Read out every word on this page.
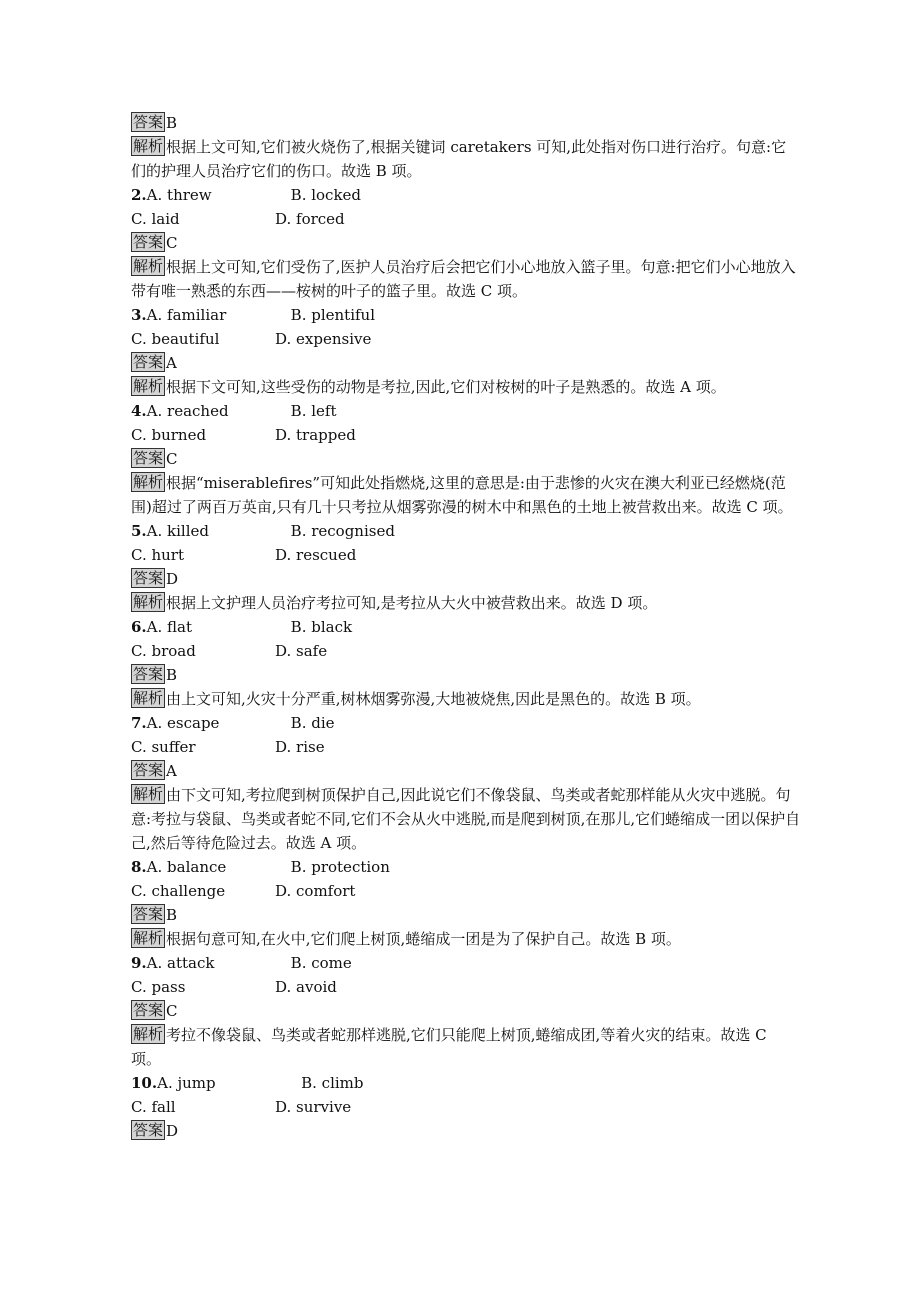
答案 B
解析 根据上文可知,它们被火烧伤了,根据关键词 caretakers 可知,此处指对伤口进行治疗。句意:它们的护理人员治疗它们的伤口。故选 B 项。
2.A. threw	B. locked
C. laid	D. forced
答案 C
解析 根据上文可知,它们受伤了,医护人员治疗后会把它们小心地放入篮子里。句意:把它们小心地放入带有唯一熟悉的东西——桉树的叶子的篮子里。故选 C 项。
3.A. familiar	B. plentiful
C. beautiful	D. expensive
答案 A
解析 根据下文可知,这些受伤的动物是考拉,因此,它们对桉树的叶子是熟悉的。故选 A 项。
4.A. reached	B. left
C. burned	D. trapped
答案 C
解析 根据“miserablefires”可知此处指燃烧,这里的意思是:由于悲惨的火灾在澳大利亚已经燃烧(范围)超过了两百万英亩,只有几十只考拉从烟雾弥漫的树木中和黑色的土地上被营救出来。故选 C 项。
5.A. killed	B. recognised
C. hurt	D. rescued
答案 D
解析 根据上文护理人员治疗考拉可知,是考拉从大火中被营救出来。故选 D 项。
6.A. flat	B. black
C. broad	D. safe
答案 B
解析 由上文可知,火灾十分严重,树林烟雾弥漫,大地被烧焦,因此是黑色的。故选 B 项。
7.A. escape	B. die
C. suffer	D. rise
答案 A
解析 由下文可知,考拉爬到树顶保护自己,因此说它们不像袋鼠、鸟类或者蛇那样能从火灾中逃脱。句意:考拉与袋鼠、鸟类或者蛇不同,它们不会从火中逃脱,而是爬到树顶,在那儿,它们蜷缩成一团以保护自己,然后等待危险过去。故选 A 项。
8.A. balance	B. protection
C. challenge	D. comfort
答案 B
解析 根据句意可知,在火中,它们爬上树顶,蜷缩成一团是为了保护自己。故选 B 项。
9.A. attack	B. come
C. pass	D. avoid
答案 C
解析 考拉不像袋鼠、鸟类或者蛇那样逃脱,它们只能爬上树顶,蜷缩成团,等着火灾的结束。故选 C 项。
10.A. jump	B. climb
C. fall	D. survive
答案 D
